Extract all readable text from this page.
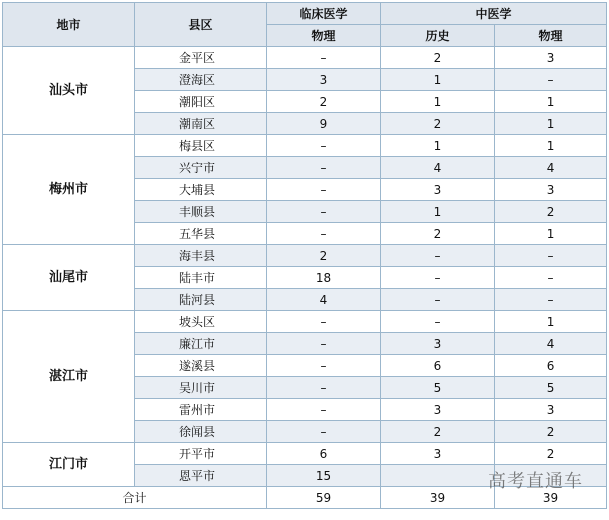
地市	县区	临床医学	中医学	
		物理	历史	物理
汕头市	金平区	–	2	3
	澄海区	3	1	–
	潮阳区	2	1	1
	潮南区	9	2	1
梅州市	梅县区	–	1	1
	兴宁市	–	4	4
	大埔县	–	3	3
	丰顺县	–	1	2
	五华县	–	2	1
汕尾市	海丰县	2	–	–
	陆丰市	18	–	–
	陆河县	4	–	–
湛江市	坡头区	–	–	1
	廉江市	–	3	4
	遂溪县	–	6	6
	吴川市	–	5	5
	雷州市	–	3	3
	徐闻县	–	2	2
江门市	开平市	6	3	2
	恩平市	15		
合计		59	39	39
高考直通车
